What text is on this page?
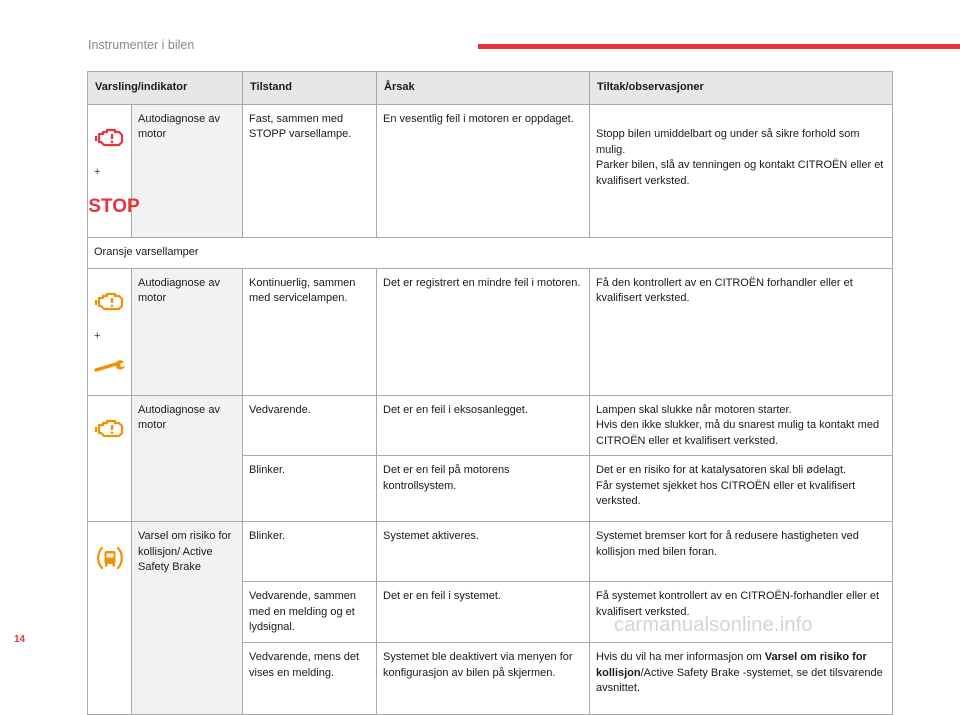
Instrumenter i bilen
Varsling/indikator		Tilstand	Årsak	Tiltak/observasjoner

+

STOP	Autodiagnose av motor	Fast, sammen med STOPP varsellampe.	En vesentlig feil i motoren er oppdaget.	Stopp bilen umiddelbart og under så sikre forhold som mulig.
Parker bilen, slå av tenningen og kontakt CITROËN eller et kvalifisert verksted.

Oransje varsellamper				

+	Autodiagnose av motor	Kontinuerlig, sammen med servicelampen.	Det er registrert en mindre feil i motoren.	Få den kontrollert av en CITROËN forhandler eller et kvalifisert verksted.

	Autodiagnose av motor	Vedvarende.	Det er en feil i eksosanlegget.	Lampen skal slukke når motoren starter.
Hvis den ikke slukker, må du snarest mulig ta kontakt med CITROËN eller et kvalifisert verksted.
		Blinker.	Det er en feil på motorens kontrollsystem.	Det er en risiko for at katalysatoren skal bli ødelagt.
Får systemet sjekket hos CITROËN eller et kvalifisert verksted.

	Varsel om risiko for kollisjon/ Active Safety Brake	Blinker.	Systemet aktiveres.	Systemet bremser kort for å redusere hastigheten ved kollisjon med bilen foran.
		Vedvarende, sammen med en melding og et lydsignal.	Det er en feil i systemet.	Få systemet kontrollert av en CITROËN-forhandler eller et kvalifisert verksted.
		Vedvarende, mens det vises en melding.	Systemet ble deaktivert via menyen for konfigurasjon av bilen på skjermen.	Hvis du vil ha mer informasjon om Varsel om risiko for kollisjon/Active Safety Brake -systemet, se det tilsvarende avsnittet.
14
carmanualsonline.info
